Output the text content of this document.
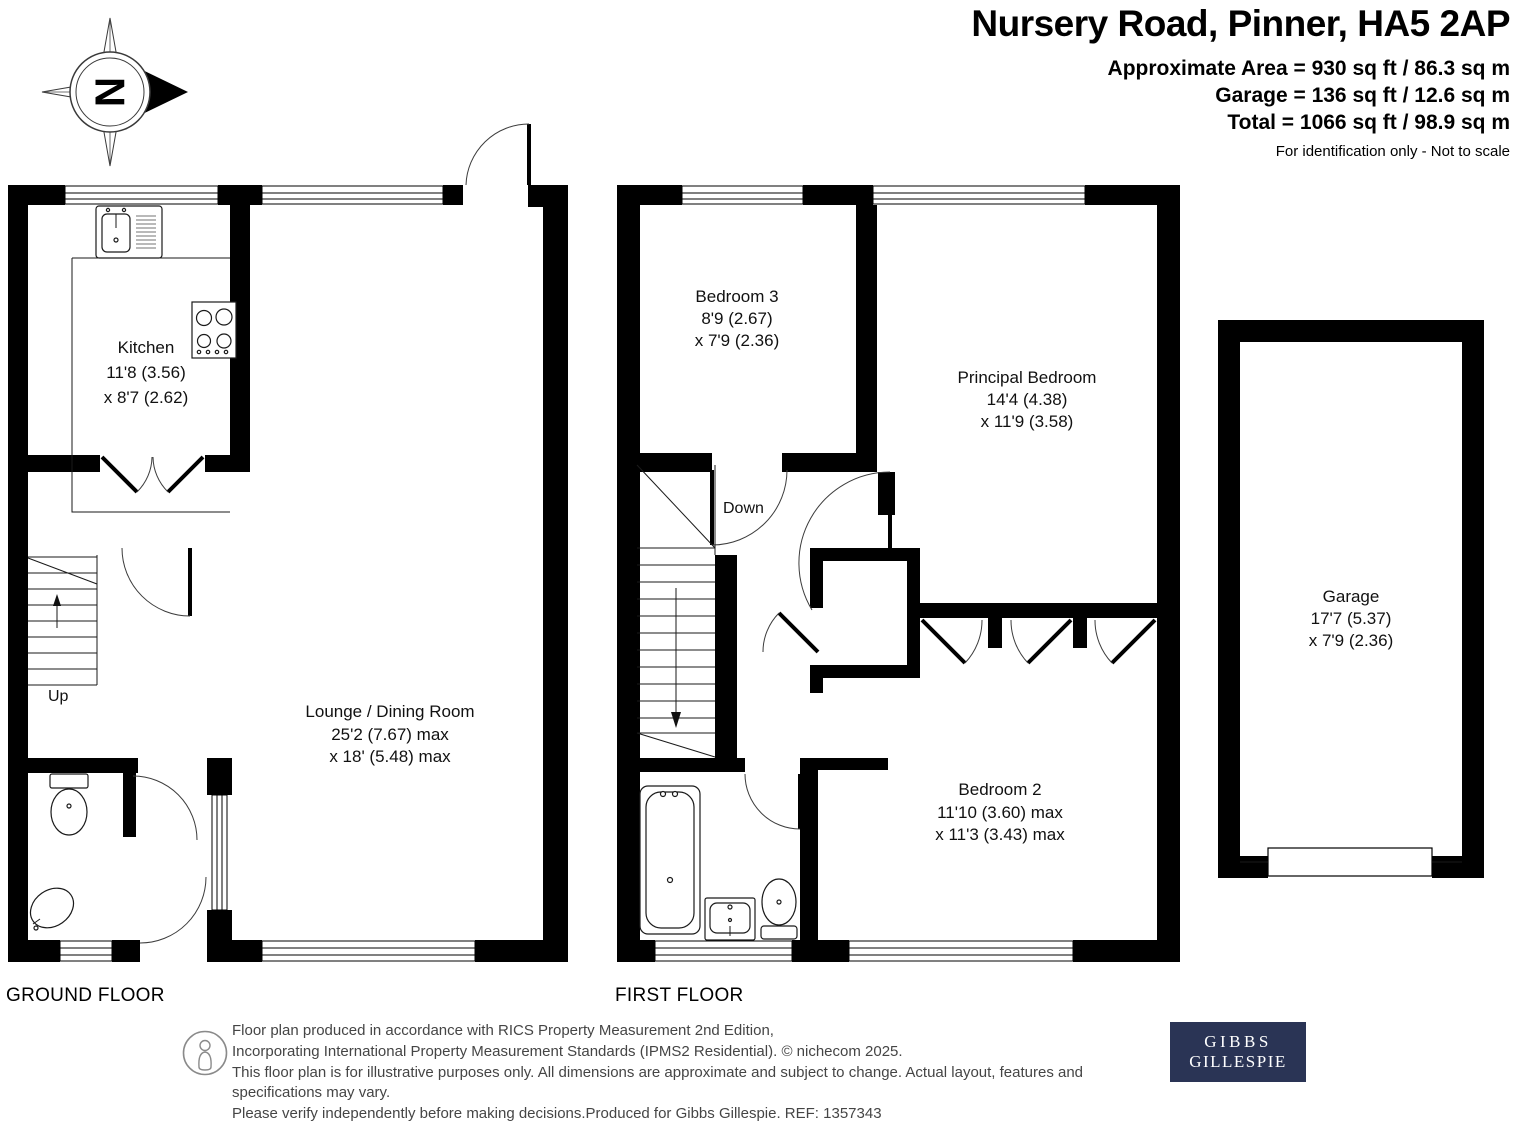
Nursery Road, Pinner, HA5 2AP
Approximate Area = 930 sq ft / 86.3 sq m
Garage = 136 sq ft / 12.6 sq m
Total = 1066 sq ft / 98.9 sq m
For identification only - Not to scale
N
Up
Kitchen
11'8 (3.56)
x 8'7 (2.62)
Lounge / Dining Room
25'2 (7.67) max
x 18' (5.48) max
Down
Bedroom 3
8'9 (2.67)
x 7'9 (2.36)
Principal Bedroom
14'4 (4.38)
x 11'9 (3.58)
Bedroom 2
11'10 (3.60) max
x 11'3 (3.43) max
Garage
17'7 (5.37)
x 7'9 (2.36)
GROUND FLOOR	FIRST FLOOR
Floor plan produced in accordance with RICS Property Measurement 2nd Edition,
Incorporating International Property Measurement Standards (IPMS2 Residential). © nichecom 2025.
This floor plan is for illustrative purposes only. All dimensions are approximate and subject to change. Actual layout, features and specifications may vary.
Please verify independently before making decisions.Produced for Gibbs Gillespie. REF: 1357343
GIBBS
GILLESPIE
